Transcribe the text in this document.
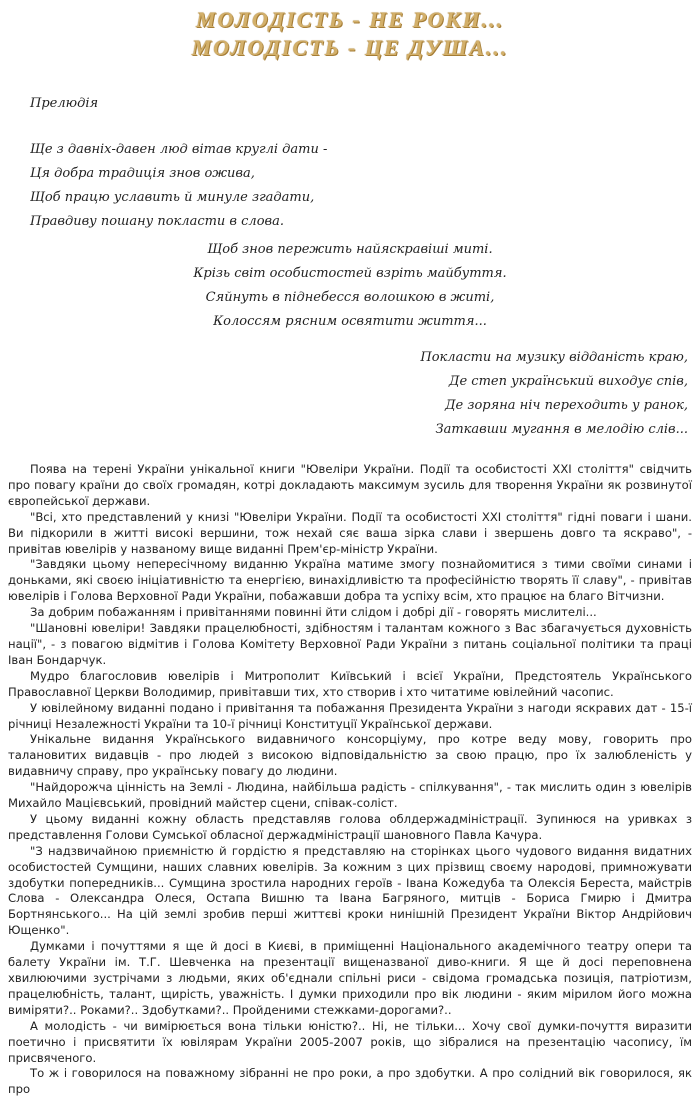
МОЛОДІСТЬ - НЕ РОКИ...
МОЛОДІСТЬ - ЦЕ ДУША...
Прелюдія
Ще з давніх-давен люд вітав круглі дати -
Ця добра традиція знов ожива,
Щоб працю уславить й минуле згадати,
Правдиву пошану покласти в слова.
Щоб знов пережить найяскравіші миті.
Крізь світ особистостей взріть майбуття.
Сяйнуть в піднебесся волошкою в житі,
Колоссям рясним освятити життя...
Покласти на музику відданість краю,
Де степ український виходує спів,
Де зоряна ніч переходить у ранок,
Заткавши мугання в мелодію слів...

Поява на терені України унікальної книги "Ювеліри України. Події та особистості XXI століття" свідчить про повагу країни до своїх громадян, котрі докладають максимум зусиль для творення України як розвинутої європейської держави.

"Всі, хто представлений у книзі "Ювеліри України. Події та особистості XXI століття" гідні поваги і шани. Ви підкорили в житті високі вершини, тож нехай сяє ваша зірка слави і звершень довго та яскраво", - привітав ювелірів у названому вище виданні Прем'єр-міністр України.

"Завдяки цьому непересічному виданню Україна матиме змогу познайомитися з тими своїми синами і доньками, які своєю ініціативністю та енергією, винахідливістю та професійністю творять її славу", - привітав ювелірів і Голова Верховної Ради України, побажавши добра та успіху всім, хто працює на благо Вітчизни.

За добрим побажанням і привітаннями повинні йти слідом і добрі дії - говорять мислителі...

"Шановні ювеліри! Завдяки працелюбності, здібностям і талантам кожного з Вас збагачується духовність нації", - з повагою відмітив і Голова Комітету Верховної Ради України з питань соціальної політики та праці Іван Бондарчук.

Мудро благословив ювелірів і Митрополит Київський і всієї України, Предстоятель Українського Православної Церкви Володимир, привітавши тих, хто створив і хто читатиме ювілейний часопис.

У ювілейному виданні подано і привітання та побажання Президента України з нагоди яскравих дат - 15-ї річниці Незалежності України та 10-ї річниці Конституції Української держави.

Унікальне видання Українського видавничого консорціуму, про котре веду мову, говорить про талановитих видавців - про людей з високою відповідальністю за свою працю, про їх залюбленість у видавничу справу, про українську повагу до людини.

"Найдорожча цінність на Землі - Людина, найбільша радість - спілкування", - так мислить один з ювелірів Михайло Мацієвський, провідний майстер сцени, співак-соліст.

У цьому виданні кожну область представляв голова облдержадміністрації. Зупинюся на уривках з представлення Голови Сумської обласної держадміністрації шановного Павла Качура.

"З надзвичайною приємністю й гордістю я представляю на сторінках цього чудового видання видатних особистостей Сумщини, наших славних ювелірів. За кожним з цих прізвищ своєму народові, примножувати здобутки попередників... Сумщина зростила народних героїв - Івана Кожедуба та Олексія Береста, майстрів Слова - Олександра Олеся, Остапа Вишню та Івана Багряного, митців - Бориса Гмирю і Дмитра Бортнянського... На цій землі зробив перші життєві кроки нинішній Президент України Віктор Андрійович Ющенко".

Думками і почуттями я ще й досі в Києві, в приміщенні Національного академічного театру опери та балету України ім. Т.Г. Шевченка на презентації вищеназваної диво-книги. Я ще й досі переповнена хвилюючими зустрічами з людьми, яких об'єднали спільні риси - свідома громадська позиція, патріотизм, працелюбність, талант, щирість, уважність. І думки приходили про вік людини - яким мірилом його можна виміряти?.. Роками?.. Здобутками?.. Пройденими стежками-дорогами?..

А молодість - чи вимірюється вона тільки юністю?.. Ні, не тільки... Хочу свої думки-почуття виразити поетично і присвятити їх ювілярам України 2005-2007 років, що зібралися на презентацію часопису, їм присвяченого.

То ж і говорилося на поважному зібранні не про роки, а про здобутки. А про солідний вік говорилося, як про
